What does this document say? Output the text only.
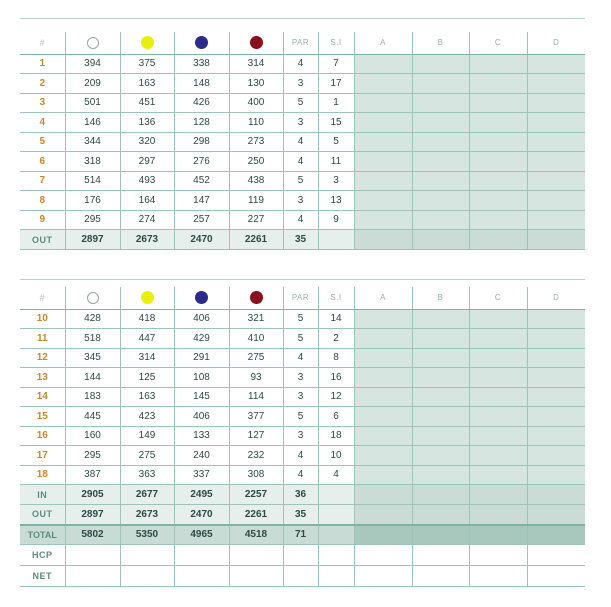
#					PAR	S.I	A	B	C	D
1	394	375	338	314	4	7				
2	209	163	148	130	3	17				
3	501	451	426	400	5	1				
4	146	136	128	110	3	15				
5	344	320	298	273	4	5				
6	318	297	276	250	4	11				
7	514	493	452	438	5	3				
8	176	164	147	119	3	13				
9	295	274	257	227	4	9				
OUT	2897	2673	2470	2261	35					
#					PAR	S.I	A	B	C	D
10	428	418	406	321	5	14				
11	518	447	429	410	5	2				
12	345	314	291	275	4	8				
13	144	125	108	93	3	16				
14	183	163	145	114	3	12				
15	445	423	406	377	5	6				
16	160	149	133	127	3	18				
17	295	275	240	232	4	10				
18	387	363	337	308	4	4				
IN	2905	2677	2495	2257	36					
OUT	2897	2673	2470	2261	35					
TOTAL	5802	5350	4965	4518	71					
HCP										
NET										
